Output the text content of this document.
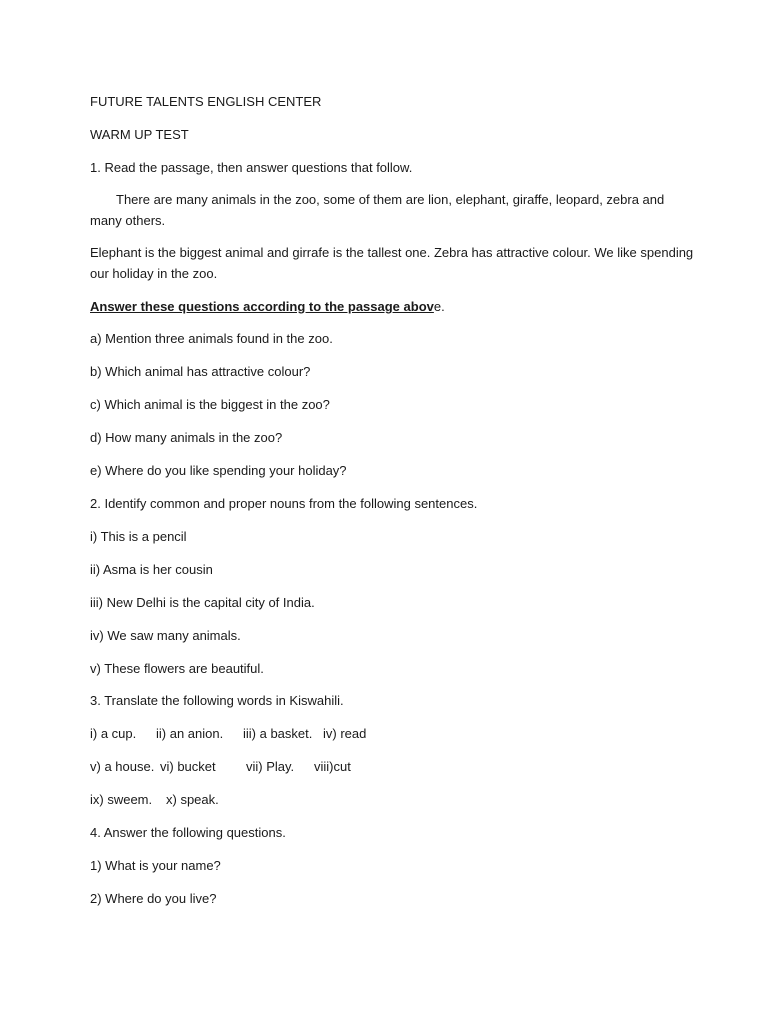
FUTURE TALENTS ENGLISH CENTER
WARM UP TEST
1. Read the passage, then answer questions that follow.
There are many animals in the zoo, some of them are lion, elephant, giraffe, leopard, zebra and
many others.
Elephant is the biggest animal and girrafe is the tallest one. Zebra has attractive colour. We like spending
our holiday in the zoo.
Answer these questions according to the passage above.
a) Mention three animals found in the zoo.
b) Which animal has attractive colour?
c) Which animal is the biggest in the zoo?
d) How many animals in the zoo?
e) Where do you like spending your holiday?
2. Identify common and proper nouns from the following sentences.
i) This is a pencil
ii) Asma is her cousin
iii) New Delhi is the capital city of India.
iv) We saw many animals.
v) These flowers are beautiful.
3. Translate the following words in Kiswahili.
i) a cup. ii) an anion. iii) a basket. iv) read
v) a house. vi) bucket vii) Play. viii)cut
ix) sweem. x) speak.
4. Answer the following questions.
1) What is your name?
2) Where do you live?
